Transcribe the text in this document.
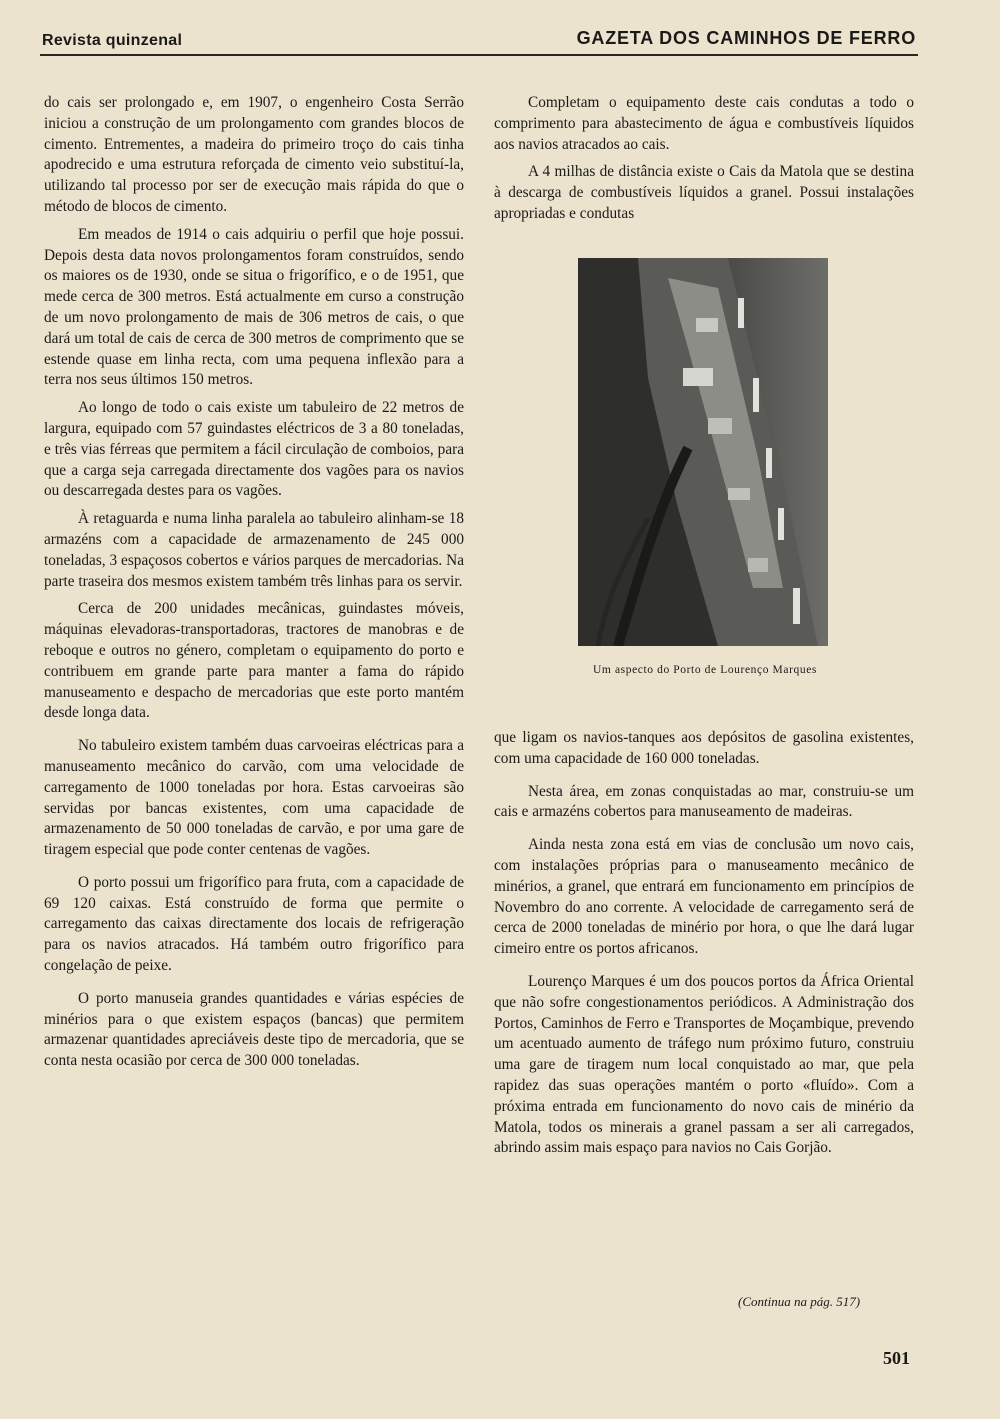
Revista quinzenal	GAZETA DOS CAMINHOS DE FERRO

do cais ser prolongado e, em 1907, o engenheiro Costa Serrão iniciou a construção de um prolongamento com grandes blocos de cimento. Entrementes, a madeira do primeiro troço do cais tinha apodrecido e uma estrutura reforçada de cimento veio substituí-la, utilizando tal processo por ser de execução mais rápida do que o método de blocos de cimento.

Em meados de 1914 o cais adquiriu o perfil que hoje possui. Depois desta data novos prolongamentos foram construídos, sendo os maiores os de 1930, onde se situa o frigorífico, e o de 1951, que mede cerca de 300 metros. Está actualmente em curso a construção de um novo prolongamento de mais de 306 metros de cais, o que dará um total de cais de cerca de 300 metros de comprimento que se estende quase em linha recta, com uma pequena inflexão para a terra nos seus últimos 150 metros.

Ao longo de todo o cais existe um tabuleiro de 22 metros de largura, equipado com 57 guindastes eléctricos de 3 a 80 toneladas, e três vias férreas que permitem a fácil circulação de comboios, para que a carga seja carregada directamente dos vagões para os navios ou descarregada destes para os vagões.

À retaguarda e numa linha paralela ao tabuleiro alinham-se 18 armazéns com a capacidade de armazenamento de 245 000 toneladas, 3 espaçosos cobertos e vários parques de mercadorias. Na parte traseira dos mesmos existem também três linhas para os servir.

Cerca de 200 unidades mecânicas, guindastes móveis, máquinas elevadoras-transportadoras, tractores de manobras e de reboque e outros no género, completam o equipamento do porto e contribuem em grande parte para manter a fama do rápido manuseamento e despacho de mercadorias que este porto mantém desde longa data.

No tabuleiro existem também duas carvoeiras eléctricas para a manuseamento mecânico do carvão, com uma velocidade de carregamento de 1000 toneladas por hora. Estas carvoeiras são servidas por bancas existentes, com uma capacidade de armazenamento de 50 000 toneladas de carvão, e por uma gare de tiragem especial que pode conter centenas de vagões.

O porto possui um frigorífico para fruta, com a capacidade de 69 120 caixas. Está construído de forma que permite o carregamento das caixas directamente dos locais de refrigeração para os navios atracados. Há também outro frigorífico para congelação de peixe.

O porto manuseia grandes quantidades e várias espécies de minérios para o que existem espaços (bancas) que permitem armazenar quantidades apreciáveis deste tipo de mercadoria, que se conta nesta ocasião por cerca de 300 000 toneladas.

Completam o equipamento deste cais condutas a todo o comprimento para abastecimento de água e combustíveis líquidos aos navios atracados ao cais.

A 4 milhas de distância existe o Cais da Matola que se destina à descarga de combustíveis líquidos a granel. Possui instalações apropriadas e condutas

Um aspecto do Porto de Lourenço Marques

que ligam os navios-tanques aos depósitos de gasolina existentes, com uma capacidade de 160 000 toneladas.

Nesta área, em zonas conquistadas ao mar, construiu-se um cais e armazéns cobertos para manuseamento de madeiras.

Ainda nesta zona está em vias de conclusão um novo cais, com instalações próprias para o manuseamento mecânico de minérios, a granel, que entrará em funcionamento em princípios de Novembro do ano corrente. A velocidade de carregamento será de cerca de 2000 toneladas de minério por hora, o que lhe dará lugar cimeiro entre os portos africanos.

Lourenço Marques é um dos poucos portos da África Oriental que não sofre congestionamentos periódicos. A Administração dos Portos, Caminhos de Ferro e Transportes de Moçambique, prevendo um acentuado aumento de tráfego num próximo futuro, construiu uma gare de tiragem num local conquistado ao mar, que pela rapidez das suas operações mantém o porto «fluído». Com a próxima entrada em funcionamento do novo cais de minério da Matola, todos os minerais a granel passam a ser ali carregados, abrindo assim mais espaço para navios no Cais Gorjão.

(Continua na pág. 517)
501
